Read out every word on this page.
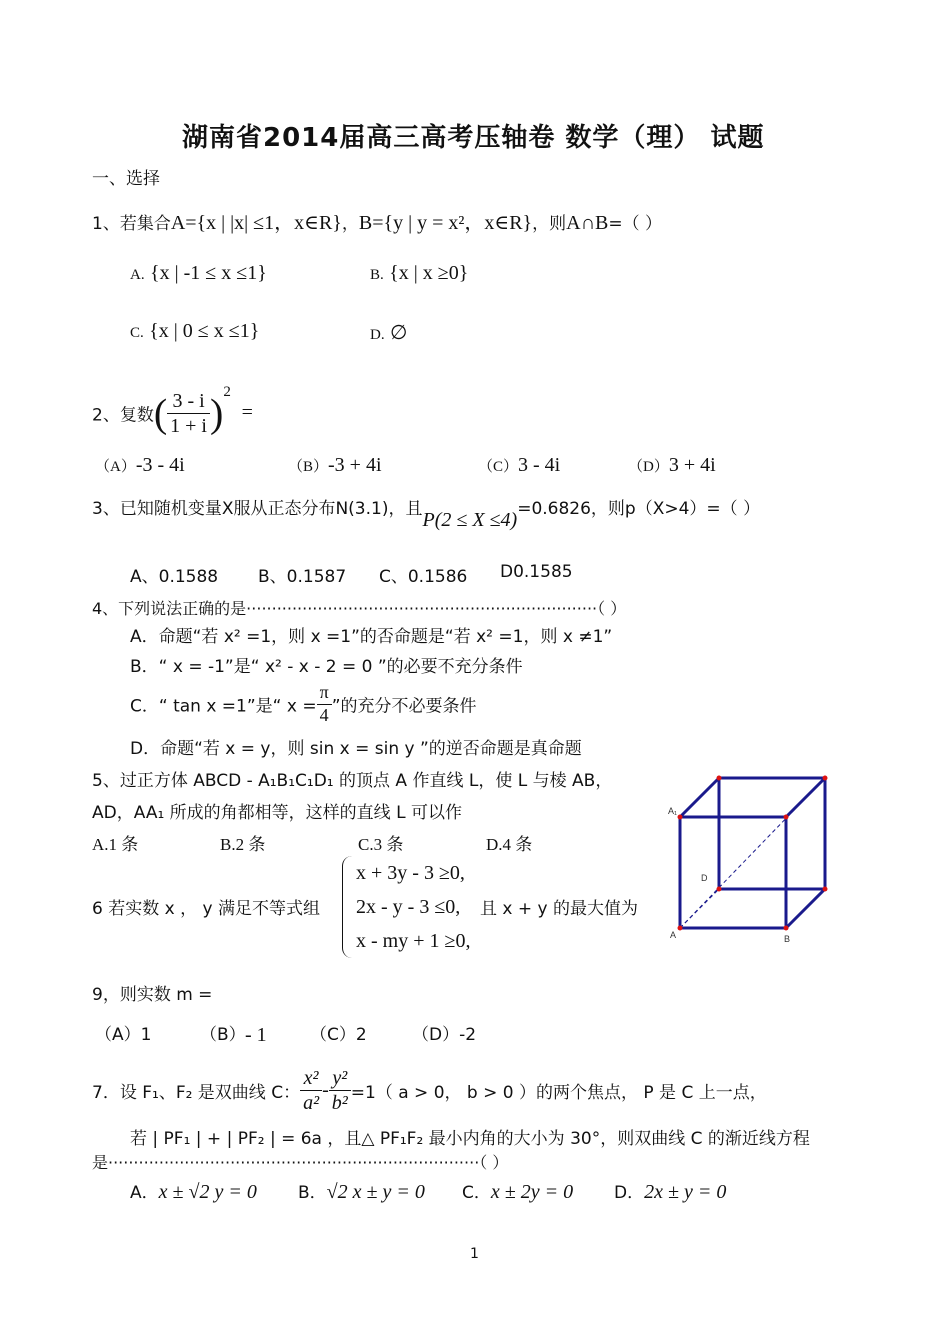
湖南省2014届高三高考压轴卷 数学（理） 试题
一、选择
1、若集合A={x | |x| ≤1，x∈R}，B={y | y = x²，x∈R}，则A∩B=（ ）
A. {x | -1 ≤ x ≤1}	B. {x | x ≥0}
C. {x | 0 ≤ x ≤1}	D. ∅
2、复数( $\frac{3 - i}{1 + i} )^2$  =
（A）-3 - 4i	（B）-3 + 4i	（C）3 - 4i	（D）3 + 4i
3、已知随机变量X服从正态分布N(3.1)，且P(2 ≤ X ≤4)=0.6826，则p（X>4）=（ ）
A、0.1588 B、0.1587 C、0.1586 D0.1585
4、下列说法正确的是·····································································（ ）
A．命题“若 x² =1，则 x =1”的否命题是“若 x² =1，则 x ≠1”
B．“ x = -1”是“ x² - x - 2 = 0 ”的必要不充分条件
C．“ tan x =1”是“ $x = \frac{\pi}{4}$ ”的充分不必要条件
D．命题“若 x = y，则 sin x = sin y ”的逆否命题是真命题
5、过正方体 ABCD - A₁B₁C₁D₁ 的顶点 A 作直线 L，使 L 与棱 AB，
AD，AA₁ 所成的角都相等，这样的直线 L 可以作
A.1 条	B.2 条	C.3 条	D.4 条
A₁
D
A	B
6 若实数 x ， y 满足不等式组
x + 3y - 3 ≥0,
2x - y - 3 ≤0,
x - my + 1 ≥0,
且 x + y 的最大值为
9，则实数 m =
（A）1	（B） - 1	（C）2	（D）-2
7．设 F₁、F₂ 是双曲线 C： $\frac{\text{x²}}{\text{a²}} - \frac{\text{y²}}{\text{b²}} =1$（ a > 0， b > 0 ）的两个焦点， P 是 C 上一点，
若 | PF₁ | + | PF₂ | = 6a ，且△ PF₁F₂ 最小内角的大小为 30°，则双曲线 C 的渐近线方程
是·········································································（ ）
A．x ± √2 y = 0 B．√2 x ± y = 0 C．x ± 2y = 0 D．2x ± y = 0
1
